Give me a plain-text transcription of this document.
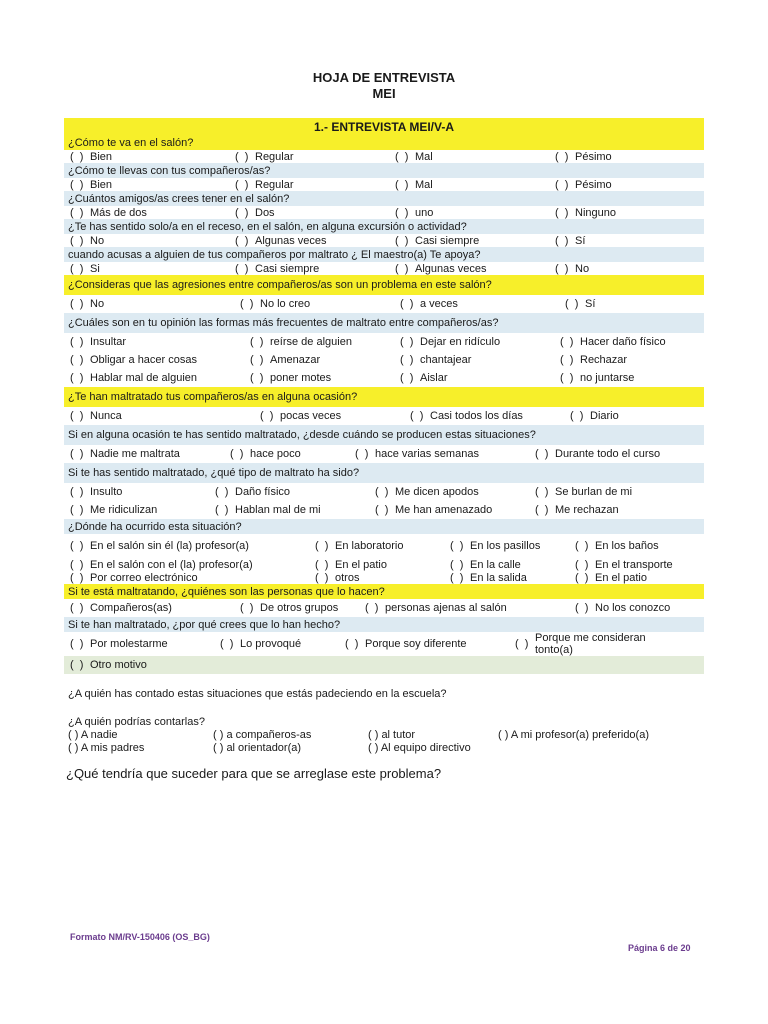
HOJA DE ENTREVISTA
MEI
1.- ENTREVISTA MEI/V-A
¿Cómo te va en el salón?
(  ) Bien	(  ) Regular	(  ) Mal	(  ) Pésimo
¿Cómo te llevas con tus compañeros/as?
(  ) Bien	(  ) Regular	(  ) Mal	(  ) Pésimo
¿Cuántos amigos/as crees tener en el salón?
(  ) Más de dos	(  ) Dos	(  ) uno	(  ) Ninguno
¿Te has sentido solo/a en el receso, en el salón, en alguna excursión o actividad?
(  ) No	(  ) Algunas veces	(  ) Casi siempre	(  ) Sí
cuando acusas a alguien de tus compañeros por maltrato ¿ El maestro(a) Te apoya?
(  ) Si	(  ) Casi siempre	(  ) Algunas veces	(  ) No
¿Consideras que las agresiones entre compañeros/as son un problema en este salón?
(  ) No	(  ) No lo creo	(  ) a veces	(  ) Sí
¿Cuáles son en tu opinión las formas más frecuentes de maltrato entre compañeros/as?
(  ) Insultar	(  ) reírse de alguien	(  ) Dejar en ridículo	(  ) Hacer daño físico
(  ) Obligar a hacer cosas	(  ) Amenazar	(  ) chantajear	(  ) Rechazar
(  ) Hablar mal de alguien	(  ) poner motes	(  ) Aislar	(  ) no juntarse
¿Te han maltratado tus compañeros/as en alguna ocasión?
(  ) Nunca	(  ) pocas veces	(  ) Casi todos los días	(  ) Diario
Si en alguna ocasión te has sentido maltratado, ¿desde cuándo se producen estas situaciones?
(  ) Nadie me maltrata	(  ) hace poco	(  ) hace varias semanas	(  ) Durante todo el curso
Si te has sentido maltratado, ¿qué tipo de maltrato ha sido?
(  ) Insulto	(  ) Daño físico	(  ) Me dicen apodos	(  ) Se burlan de mi
(  ) Me ridiculizan	(  ) Hablan mal de mi	(  ) Me han amenazado	(  ) Me rechazan
¿Dónde ha ocurrido esta situación?
(  ) En el salón sin él (la) profesor(a)	(  ) En laboratorio	(  ) En los pasillos	(  ) En los baños
(  ) En el salón con el (la) profesor(a)	(  ) En el patio	(  ) En la calle	(  ) En el transporte
(  ) Por correo electrónico	(  ) otros	(  ) En la salida	(  ) En el patio
Si te está maltratando, ¿quiénes son las personas que lo hacen?
(  ) Compañeros(as)	(  ) De otros grupos	(  ) personas ajenas al salón	(  ) No los conozco
Si te han maltratado, ¿por qué crees que lo han hecho?
(  ) Por molestarme	(  ) Lo provoqué	(  ) Porque soy diferente	(  ) Porque me consideran tonto(a)
(  ) Otro motivo
¿A quién has contado estas situaciones que estás padeciendo en la escuela?
¿A quién podrías contarlas?
( ) A nadie	( ) a compañeros-as	( ) al tutor	( ) A mi profesor(a) preferido(a)
( ) A mis padres	( ) al orientador(a)	( ) Al equipo directivo
¿Qué tendría que suceder para que se arreglase este problema?
Formato NM/RV-150406 (OS_BG)
Página 6 de 20
